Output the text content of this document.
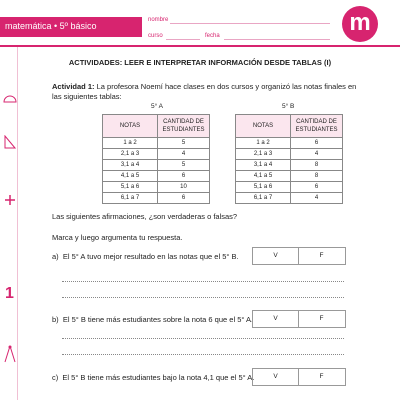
matemática • 5º básico
nombre
curso	fecha	m
1
ACTIVIDADES: LEER E INTERPRETAR INFORMACIÓN DESDE TABLAS (I)
Actividad 1: La profesora Noemí hace clases en dos cursos y organizó las notas finales en las siguientes tablas:
5° A	5° B
NOTAS	CANTIDAD DE ESTUDIANTES
1 a 2	5
2,1 a 3	4
3,1 a 4	5
4,1 a 5	6
5,1 a 6	10
6,1 a 7	6
NOTAS	CANTIDAD DE ESTUDIANTES
1 a 2	6
2,1 a 3	4
3,1 a 4	8
4,1 a 5	8
5,1 a 6	6
6,1 a 7	4
Las siguientes afirmaciones, ¿son verdaderas o falsas?
Marca y luego argumenta tu respuesta.
a) El 5° A tuvo mejor resultado en las notas que el 5° B.	V	F
b) El 5° B tiene más estudiantes sobre la nota 6 que el 5° A.	V	F
c) El 5° B tiene más estudiantes bajo la nota 4,1 que el 5° A.	V	F
